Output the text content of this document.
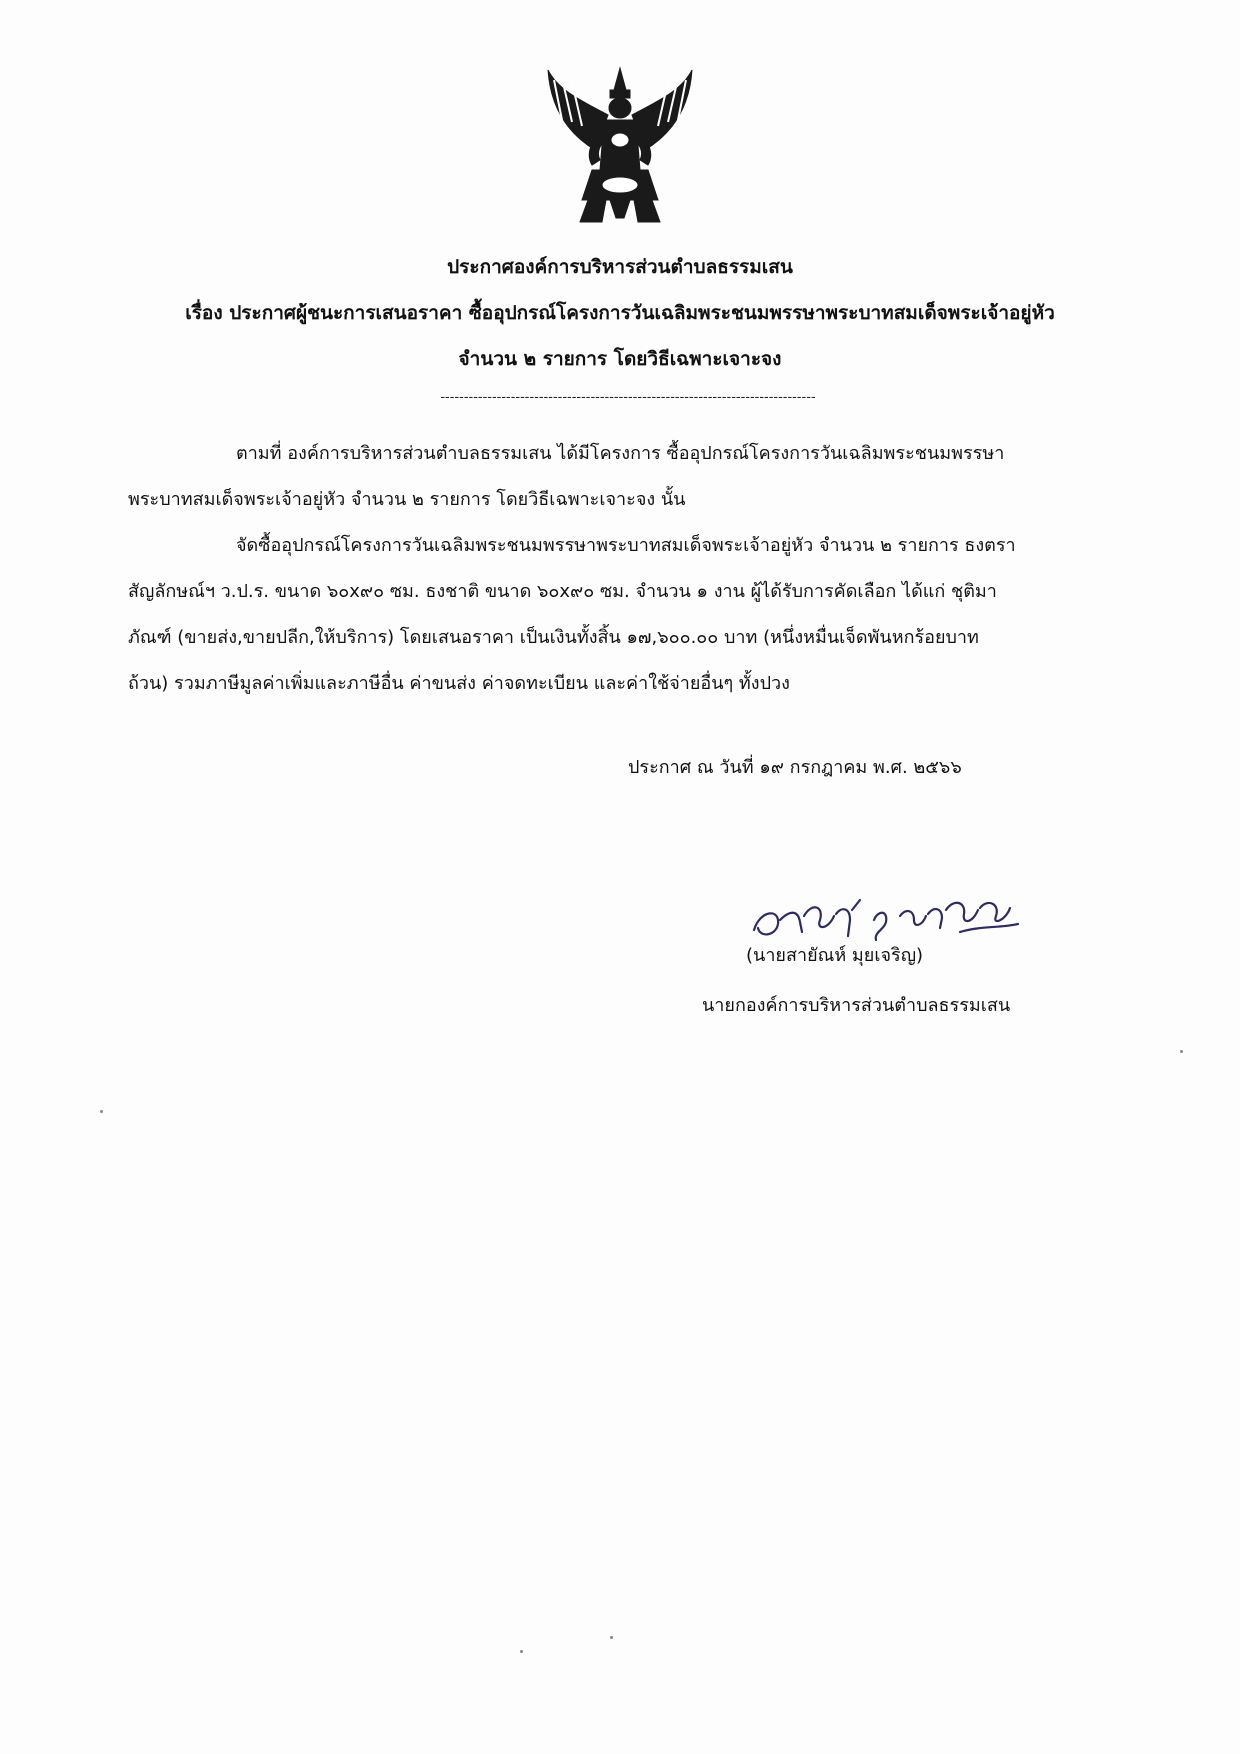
ประกาศองค์การบริหารส่วนตำบลธรรมเสน
เรื่อง ประกาศผู้ชนะการเสนอราคา ซื้ออุปกรณ์โครงการวันเฉลิมพระชนมพรรษาพระบาทสมเด็จพระเจ้าอยู่หัว
จำนวน ๒ รายการ โดยวิธีเฉพาะเจาะจง
--------------------------------------------------------------------------------
ตามที่ องค์การบริหารส่วนตำบลธรรมเสน ได้มีโครงการ ซื้ออุปกรณ์โครงการวันเฉลิมพระชนมพรรษา
พระบาทสมเด็จพระเจ้าอยู่หัว จำนวน ๒ รายการ โดยวิธีเฉพาะเจาะจง นั้น
จัดซื้ออุปกรณ์โครงการวันเฉลิมพระชนมพรรษาพระบาทสมเด็จพระเจ้าอยู่หัว จำนวน ๒ รายการ ธงตรา
สัญลักษณ์ฯ ว.ป.ร. ขนาด ๖๐x๙๐ ซม. ธงชาติ ขนาด ๖๐x๙๐ ซม. จำนวน ๑ งาน ผู้ได้รับการคัดเลือก ได้แก่ ชุติมา
ภัณฑ์ (ขายส่ง,ขายปลีก,ให้บริการ) โดยเสนอราคา เป็นเงินทั้งสิ้น ๑๗,๖๐๐.๐๐ บาท (หนึ่งหมื่นเจ็ดพันหกร้อยบาท
ถ้วน) รวมภาษีมูลค่าเพิ่มและภาษีอื่น ค่าขนส่ง ค่าจดทะเบียน และค่าใช้จ่ายอื่นๆ ทั้งปวง
ประกาศ ณ วันที่ ๑๙ กรกฎาคม พ.ศ. ๒๕๖๖
(นายสายัณห์ มุยเจริญ)
นายกองค์การบริหารส่วนตำบลธรรมเสน
